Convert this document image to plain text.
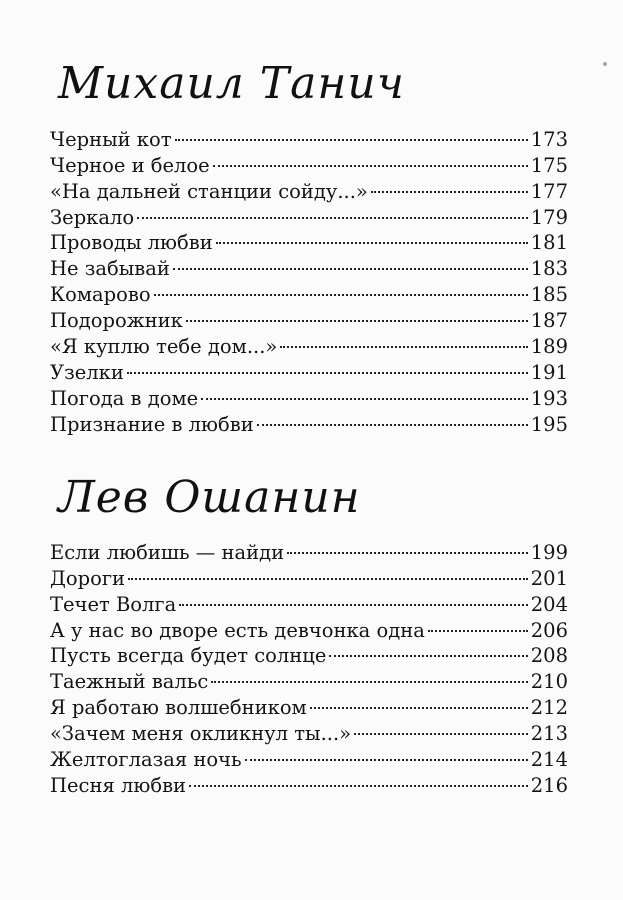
Михаил Танич
Черный кот	173
Черное и белое	175
«На дальней станции сойду...»	177
Зеркало	179
Проводы любви	181
Не забывай	183
Комарово	185
Подорожник	187
«Я куплю тебе дом...»	189
Узелки	191
Погода в доме	193
Признание в любви	195
Лев Ошанин
Если любишь — найди	199
Дороги	201
Течет Волга	204
А у нас во дворе есть девчонка одна	206
Пусть всегда будет солнце	208
Таежный вальс	210
Я работаю волшебником	212
«Зачем меня окликнул ты...»	213
Желтоглазая ночь	214
Песня любви	216
